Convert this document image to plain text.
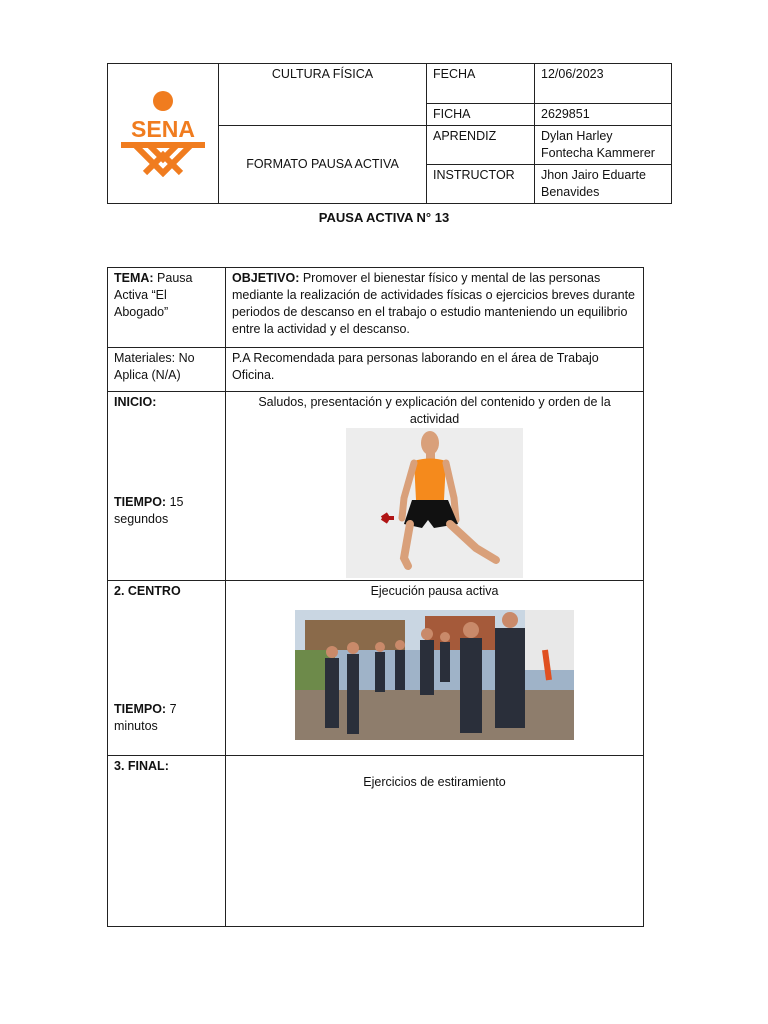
SENA	CULTURA FÍSICA	FECHA	12/06/2023
		FICHA	2629851
	FORMATO PAUSA ACTIVA	APRENDIZ	Dylan Harley Fontecha Kammerer
		INSTRUCTOR	Jhon Jairo Eduarte Benavides
PAUSA ACTIVA N° 13
TEMA: Pausa Activa “El Abogado”	OBJETIVO: Promover el bienestar físico y mental de las personas mediante la realización de actividades físicas o ejercicios breves durante periodos de descanso en el trabajo o estudio manteniendo un equilibrio entre la actividad y el descanso.
Materiales: No Aplica (N/A)	P.A Recomendada para personas laborando en el área de Trabajo Oficina.

INICIO:
TIEMPO: 15 segundos	Saludos, presentación y explicación del contenido y orden de la actividad

2. CENTRO
TIEMPO: 7 minutos	Ejecución pausa activa

3. FINAL:	Ejercicios de estiramiento
